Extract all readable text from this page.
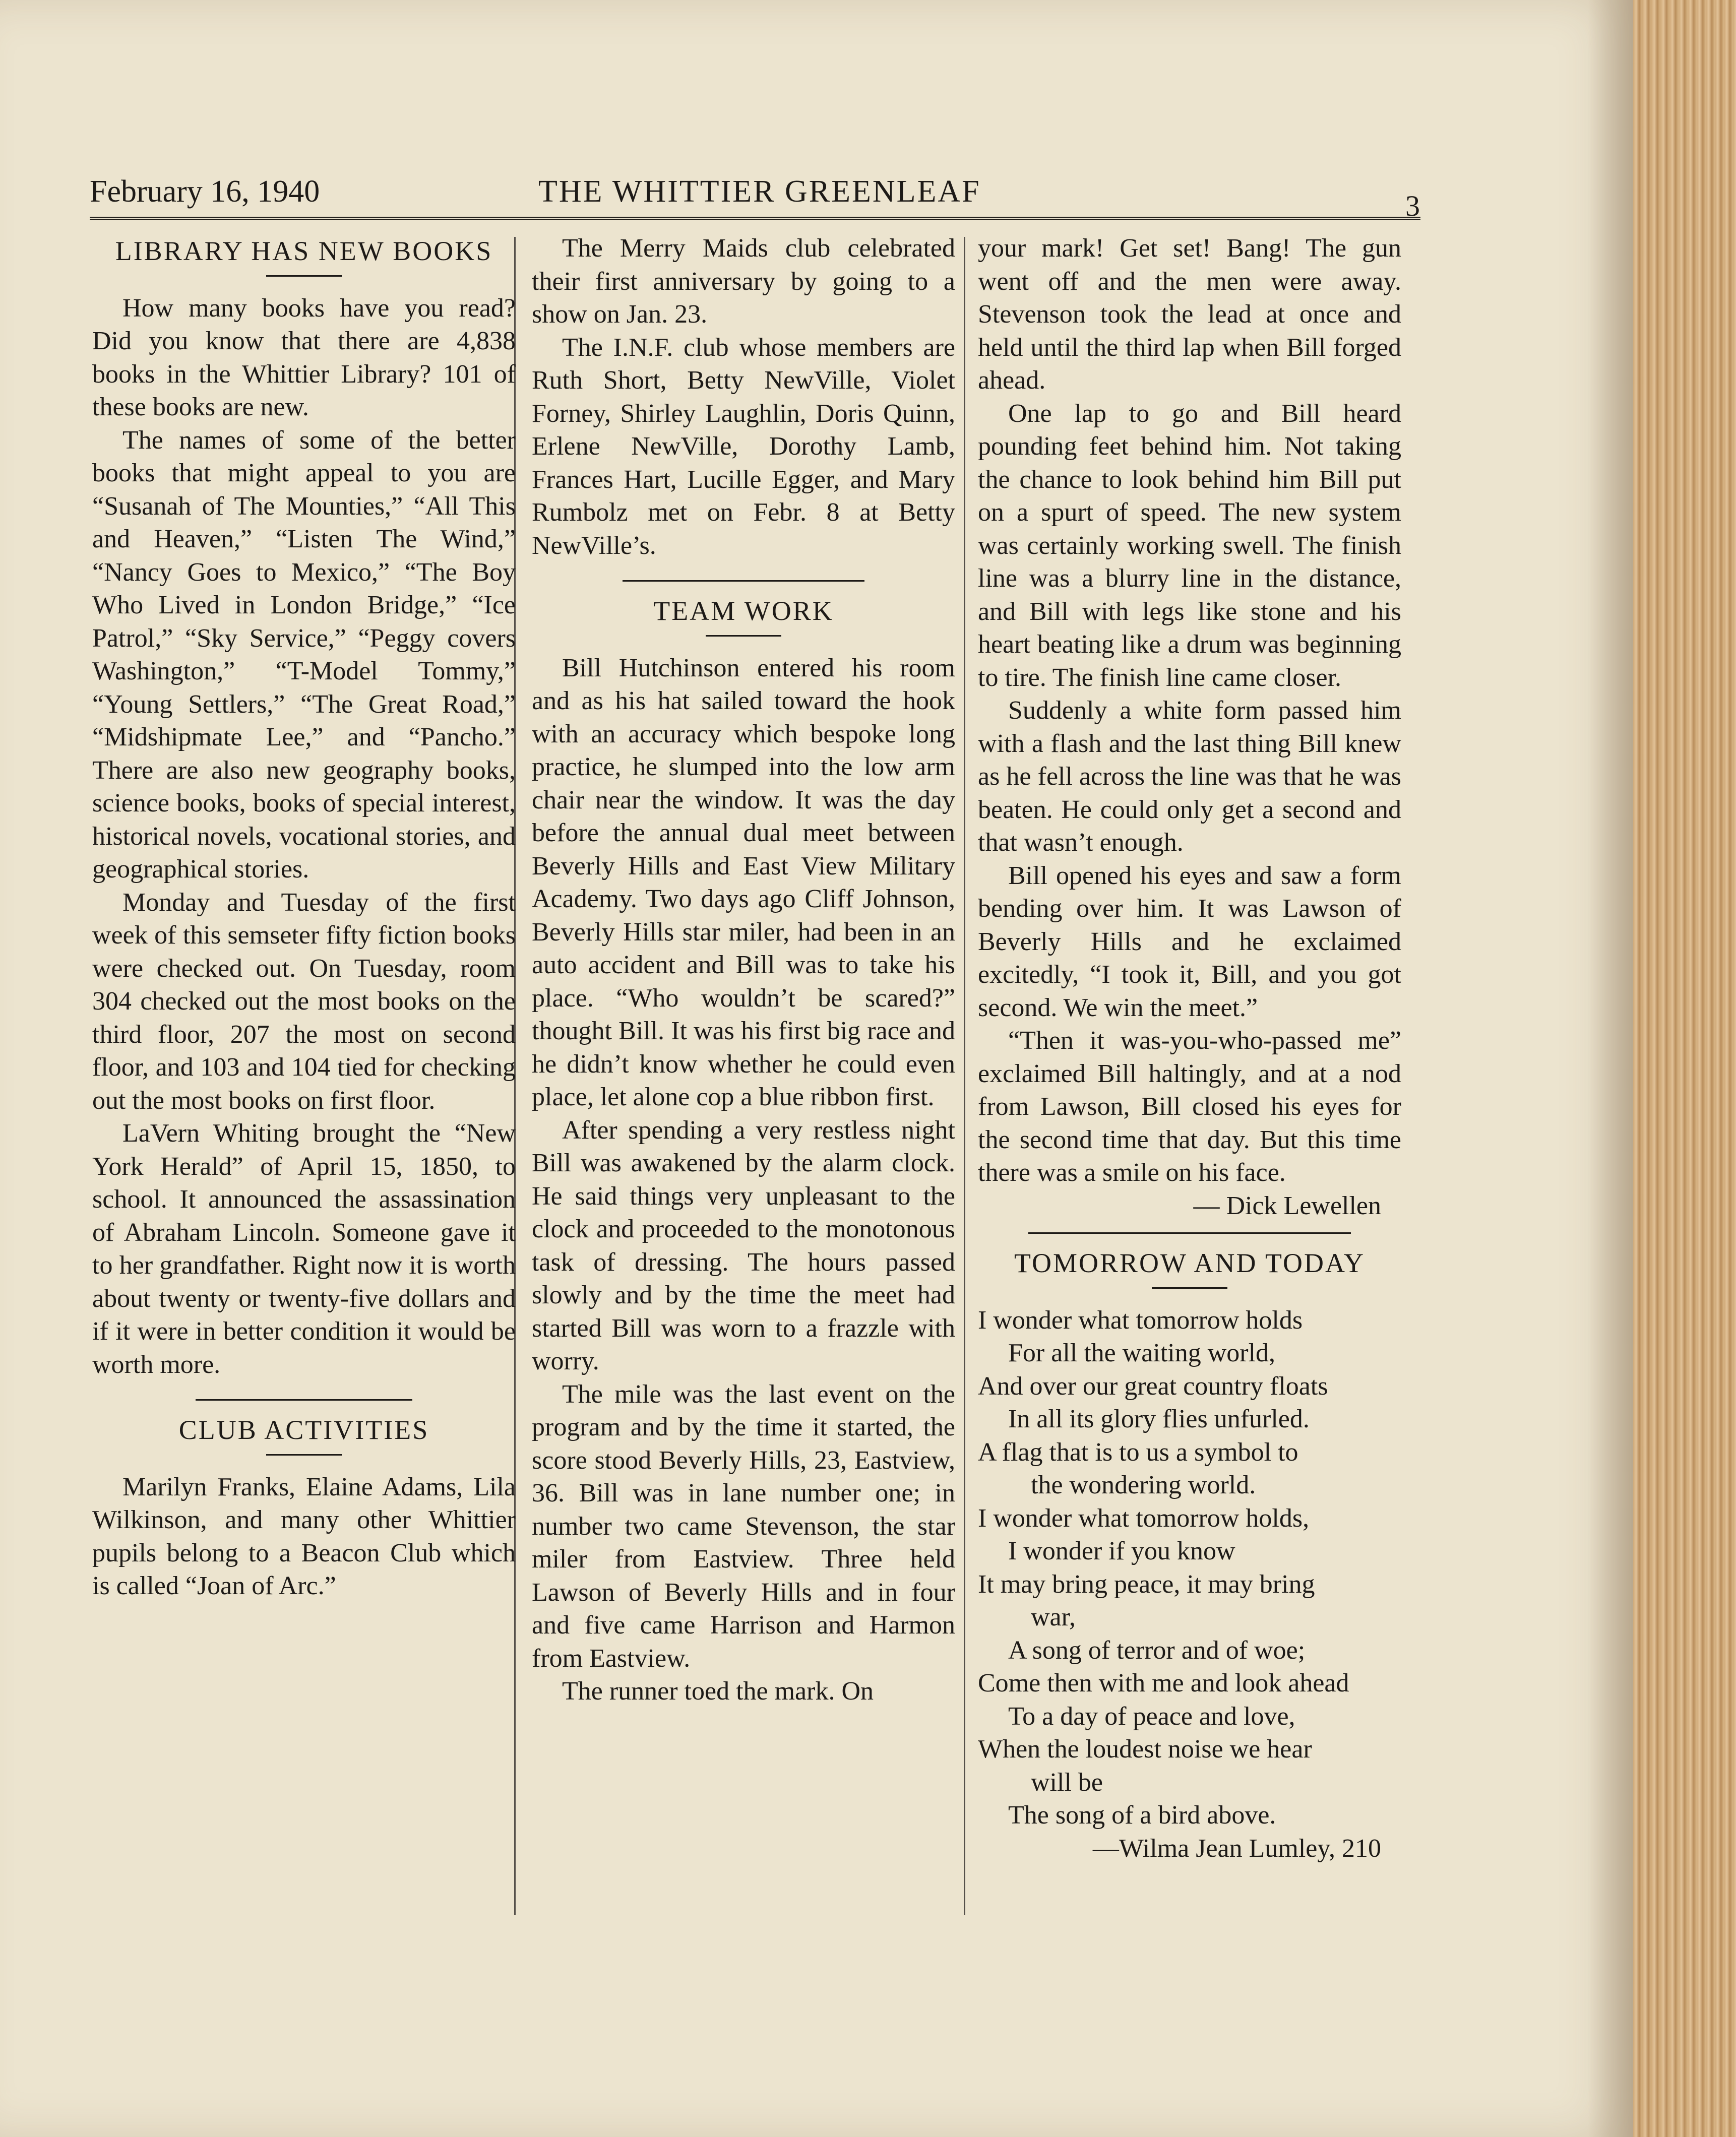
February 16, 1940	THE WHITTIER GREENLEAF	3
LIBRARY HAS NEW BOOKS

How many books have you read? Did you know that there are 4,838 books in the Whittier Library? 101 of these books are new.

The names of some of the better books that might appeal to you are “Susanah of The Mounties,” “All This and Heaven,” “Listen The Wind,” “Nancy Goes to Mexico,” “The Boy Who Lived in London Bridge,” “Ice Patrol,” “Sky Service,” “Peggy covers Washington,” “T-Model Tommy,” “Young Settlers,” “The Great Road,” “Midshipmate Lee,” and “Pancho.” There are also new geography books, science books, books of special interest, historical novels, vocational stories, and geographical stories.

Monday and Tuesday of the first week of this semseter fifty fiction books were checked out. On Tuesday, room 304 checked out the most books on the third floor, 207 the most on second floor, and 103 and 104 tied for checking out the most books on first floor.

LaVern Whiting brought the “New York Herald” of April 15, 1850, to school. It announced the assassination of Abraham Lincoln. Someone gave it to her grandfather. Right now it is worth about twenty or twenty-five dollars and if it were in better condition it would be worth more.

CLUB ACTIVITIES

Marilyn Franks, Elaine Adams, Lila Wilkinson, and many other Whittier pupils belong to a Beacon Club which is called “Joan of Arc.”

The Merry Maids club celebrated their first anniversary by going to a show on Jan. 23.

The I.N.F. club whose members are Ruth Short, Betty NewVille, Violet Forney, Shirley Laughlin, Doris Quinn, Erlene NewVille, Dorothy Lamb, Frances Hart, Lucille Egger, and Mary Rumbolz met on Febr. 8 at Betty NewVille’s.

TEAM WORK

Bill Hutchinson entered his room and as his hat sailed toward the hook with an accuracy which bespoke long practice, he slumped into the low arm chair near the window. It was the day before the annual dual meet between Beverly Hills and East View Military Academy. Two days ago Cliff Johnson, Beverly Hills star miler, had been in an auto accident and Bill was to take his place. “Who wouldn’t be scared?” thought Bill. It was his first big race and he didn’t know whether he could even place, let alone cop a blue ribbon first.

After spending a very restless night Bill was awakened by the alarm clock. He said things very unpleasant to the clock and proceeded to the monotonous task of dressing. The hours passed slowly and by the time the meet had started Bill was worn to a frazzle with worry.

The mile was the last event on the program and by the time it started, the score stood Beverly Hills, 23, Eastview, 36. Bill was in lane number one; in number two came Stevenson, the star miler from Eastview. Three held Lawson of Beverly Hills and in four and five came Harrison and Harmon from Eastview.

The runner toed the mark. On

your mark! Get set! Bang! The gun went off and the men were away. Stevenson took the lead at once and held until the third lap when Bill forged ahead.

One lap to go and Bill heard pounding feet behind him. Not taking the chance to look behind him Bill put on a spurt of speed. The new system was certainly working swell. The finish line was a blurry line in the distance, and Bill with legs like stone and his heart beating like a drum was beginning to tire. The finish line came closer.

Suddenly a white form passed him with a flash and the last thing Bill knew as he fell across the line was that he was beaten. He could only get a second and that wasn’t enough.

Bill opened his eyes and saw a form bending over him. It was Lawson of Beverly Hills and he exclaimed excitedly, “I took it, Bill, and you got second. We win the meet.”

“Then it was-you-who-passed me” exclaimed Bill haltingly, and at a nod from Lawson, Bill closed his eyes for the second time that day. But this time there was a smile on his face.

— Dick Lewellen
TOMORROW AND TODAY
I wonder what tomorrow holds
For all the waiting world,
And over our great country floats
In all its glory flies unfurled.
A flag that is to us a symbol to
the wondering world.
I wonder what tomorrow holds,
I wonder if you know
It may bring peace, it may bring
war,
A song of terror and of woe;
Come then with me and look ahead
To a day of peace and love,
When the loudest noise we hear
will be
The song of a bird above.
—Wilma Jean Lumley, 210
